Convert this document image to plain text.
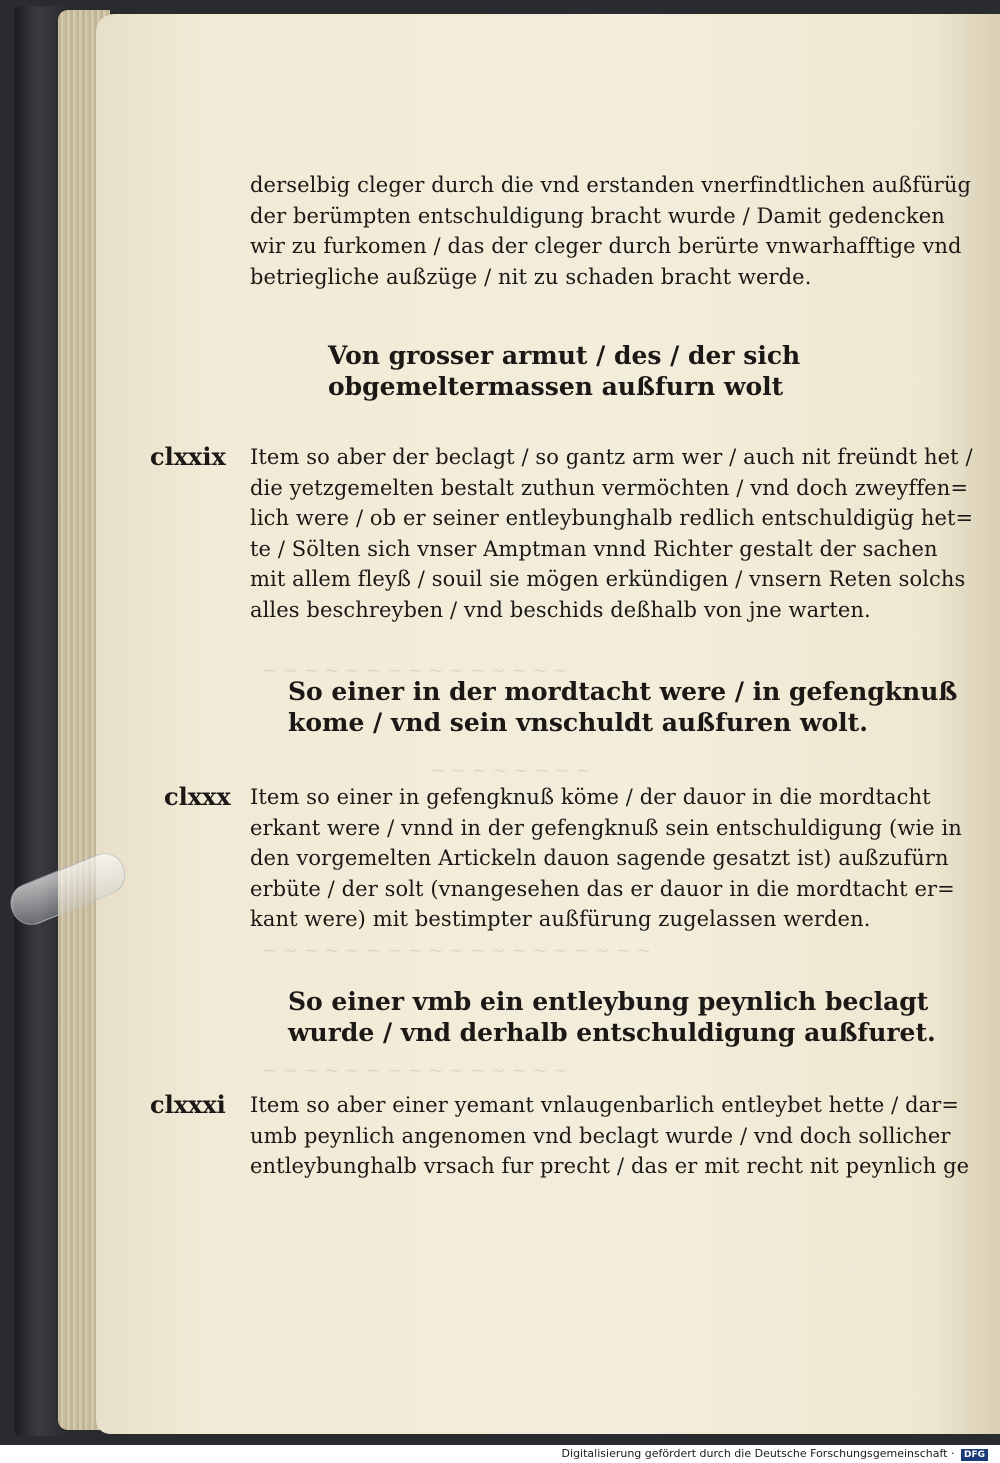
~ ~ ~ ~ ~ ~ ~ ~ ~ ~ ~ ~ ~ ~ ~
~ ~ ~ ~ ~ ~ ~ ~
~ ~ ~ ~ ~ ~ ~ ~ ~ ~ ~ ~ ~ ~ ~ ~ ~ ~ ~
~ ~ ~ ~ ~ ~ ~ ~ ~ ~ ~ ~ ~ ~ ~
derselbig cleger durch die vnd erstanden vnerfindtlichen außfürüg
der berümpten entschuldigung bracht wurde / Damit gedencken
wir zu furkomen / das der cleger durch berürte vnwarhafftige vnd
betriegliche außzüge / nit zu schaden bracht werde.
Von grosser armut / des / der sich
obgemeltermassen außfurn wolt
clxxix Item so aber der beclagt / so gantz arm wer / auch nit freündt het /
die yetzgemelten bestalt zuthun vermöchten / vnd doch zweyffen=
lich were / ob er seiner entleybunghalb redlich entschuldigüg het=
te / Sölten sich vnser Amptman vnnd Richter gestalt der sachen
mit allem fleyß / souil sie mögen erkündigen / vnsern Reten solchs
alles beschreyben / vnd beschids deßhalb von jne warten.
So einer in der mordtacht were / in gefengknuß
kome / vnd sein vnschuldt außfuren wolt.
clxxx Item so einer in gefengknuß köme / der dauor in die mordtacht
erkant were / vnnd in der gefengknuß sein entschuldigung (wie in
den vorgemelten Artickeln dauon sagende gesatzt ist) außzufürn
erbüte / der solt (vnangesehen das er dauor in die mordtacht er=
kant were) mit bestimpter außfürung zugelassen werden.
So einer vmb ein entleybung peynlich beclagt
wurde / vnd derhalb entschuldigung außfuret.
clxxxi Item so aber einer yemant vnlaugenbarlich entleybet hette / dar=
umb peynlich angenomen vnd beclagt wurde / vnd doch sollicher
entleybunghalb vrsach fur precht / das er mit recht nit peynlich ge
Digitalisierung gefördert durch die Deutsche Forschungsgemeinschaft · DFG
